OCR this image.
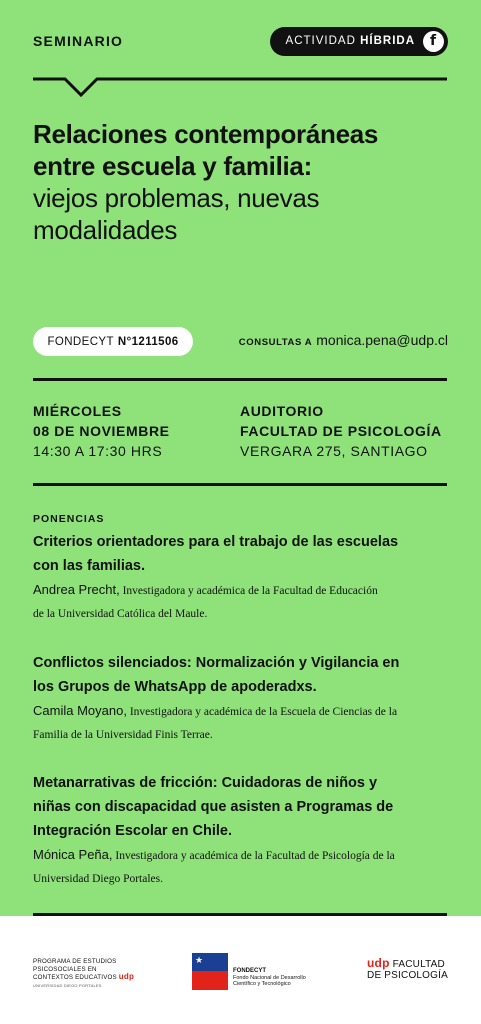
SEMINARIO	ACTIVIDAD HÍBRIDA	f
Relaciones contemporáneas
entre escuela y familia:
viejos problemas, nuevas
modalidades
FONDECYT N°1211506	CONSULTAS A monica.pena@udp.cl
MIÉRCOLES
08 DE NOVIEMBRE
14:30 A 17:30 HRS
AUDITORIO
FACULTAD DE PSICOLOGÍA
VERGARA 275, SANTIAGO
PONENCIAS
Criterios orientadores para el trabajo de las escuelas
con las familias.
Andrea Precht, Investigadora y académica de la Facultad de Educación
de la Universidad Católica del Maule.
Conflictos silenciados: Normalización y Vigilancia en
los Grupos de WhatsApp de apoderadxs.
Camila Moyano, Investigadora y académica de la Escuela de Ciencias de la
Familia de la Universidad Finis Terrae.
Metanarrativas de fricción: Cuidadoras de niños y
niñas con discapacidad que asisten a Programas de
Integración Escolar en Chile.
Mónica Peña, Investigadora y académica de la Facultad de Psicología de la
Universidad Diego Portales.
PROGRAMA DE ESTUDIOS
PSICOSOCIALES EN
CONTEXTOS EDUCATIVOS udp
UNIVERSIDAD DIEGO PORTALES
★
FONDECYT
Fondo Nacional de Desarrollo
Científico y Tecnológico
udp FACULTAD
DE PSICOLOGÍA
